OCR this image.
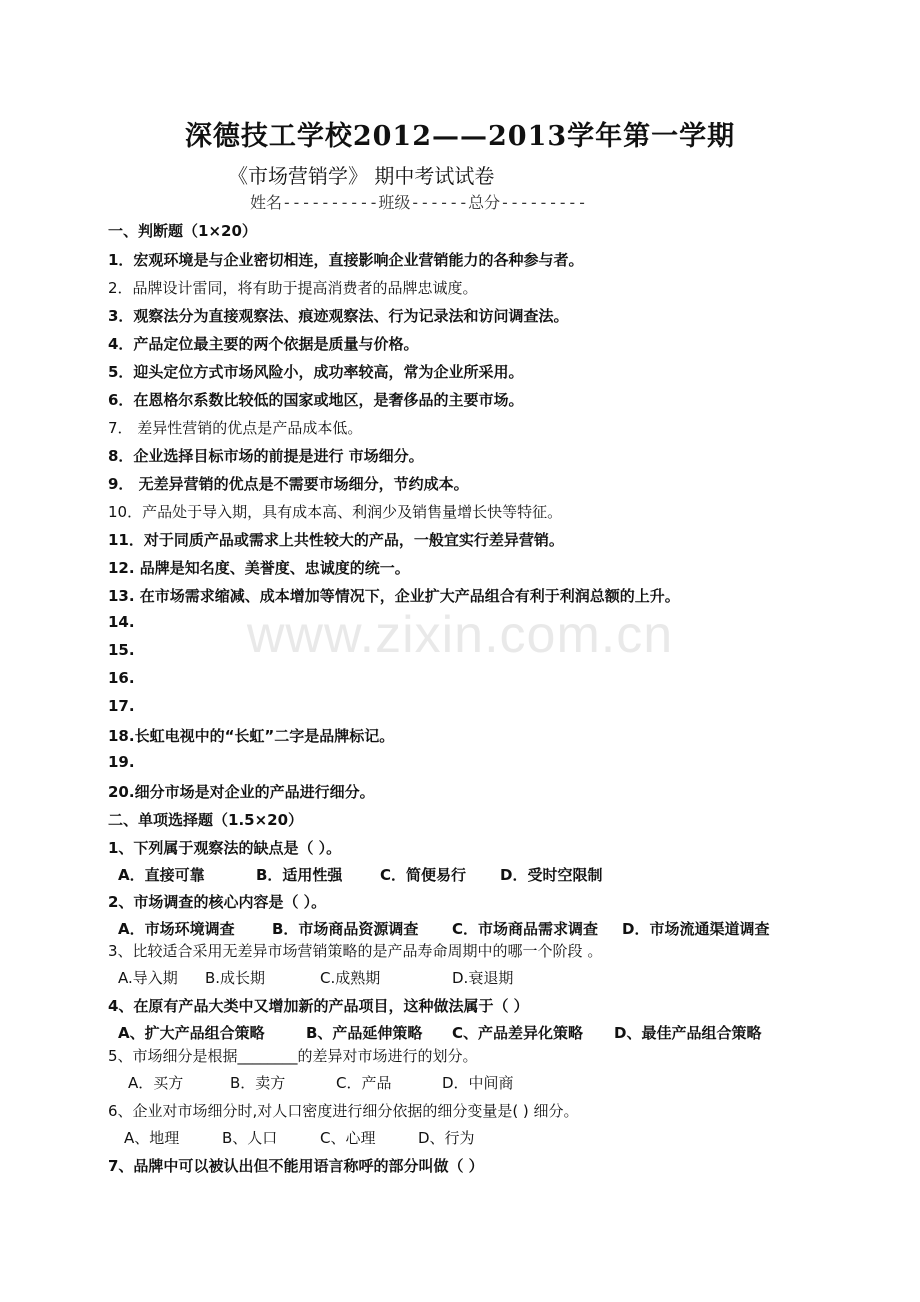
www.zixin.com.cn
深德技工学校2012——2013学年第一学期
《市场营销学》 期中考试试卷
姓名----------班级------总分---------
一、判断题（1×20）
1．宏观环境是与企业密切相连，直接影响企业营销能力的各种参与者。
2．品牌设计雷同，将有助于提高消费者的品牌忠诚度。
3．观察法分为直接观察法、痕迹观察法、行为记录法和访问调查法。
4．产品定位最主要的两个依据是质量与价格。
5．迎头定位方式市场风险小，成功率较高，常为企业所采用。
6．在恩格尔系数比较低的国家或地区，是奢侈品的主要市场。
7． 差异性营销的优点是产品成本低。
8．企业选择目标市场的前提是进行 市场细分。
9． 无差异营销的优点是不需要市场细分，节约成本。
10．产品处于导入期，具有成本高、利润少及销售量增长快等特征。
11．对于同质产品或需求上共性较大的产品，一般宜实行差异营销。
12. 品牌是知名度、美誉度、忠诚度的统一。
13. 在市场需求缩减、成本增加等情况下，企业扩大产品组合有利于利润总额的上升。
14.
15.
16.
17.
18.长虹电视中的“长虹”二字是品牌标记。
19.
20.细分市场是对企业的产品进行细分。
二、单项选择题（1.5×20）
1、下列属于观察法的缺点是（ ）。
A．直接可靠	B．适用性强	C．简便易行 D．受时空限制
2、市场调查的核心内容是（ ）。
A．市场环境调查 B．市场商品资源调查 C．市场商品需求调查 D．市场流通渠道调查
3、比较适合采用无差异市场营销策略的是产品寿命周期中的哪一个阶段 。
A.导入期 B.成长期	C.成熟期	D.衰退期
4、在原有产品大类中又增加新的产品项目，这种做法属于（ ）
A、扩大产品组合策略	B、产品延伸策略 C、产品差异化策略 D、最佳产品组合策略
5、市场细分是根据________的差异对市场进行的划分。
A．买方	B．卖方	C．产品	D．中间商
6、企业对市场细分时,对人口密度进行细分依据的细分变量是( ) 细分。
A、地理	B、人口	C、心理	D、行为
7、品牌中可以被认出但不能用语言称呼的部分叫做（ ）
